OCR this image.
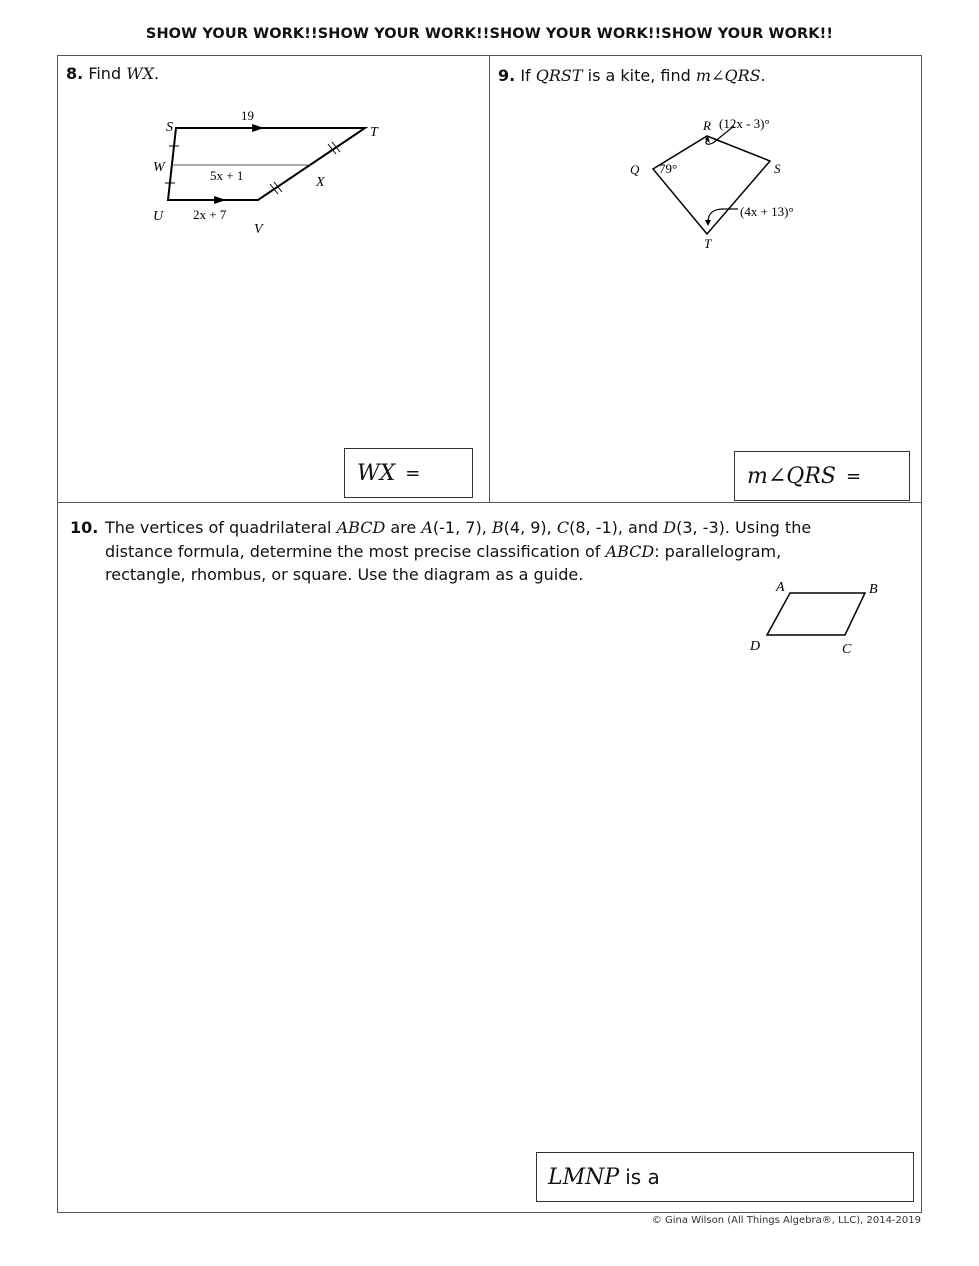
SHOW YOUR WORK!!SHOW YOUR WORK!!SHOW YOUR WORK!!SHOW YOUR WORK!!
8. Find WX.
19
5x + 1
2x + 7
S	T
W
X
U
V
WX =
9. If QRST is a kite, find m∠QRS.
(12x - 3)°
79°
(4x + 13)°
Q
R
S
T
m∠QRS =
10. The vertices of quadrilateral ABCD are A(-1, 7), B(4, 9), C(8, -1), and D(3, -3). Using the distance formula, determine the most precise classification of ABCD: parallelogram, rectangle, rhombus, or square. Use the diagram as a guide.
A	B
C
D
LMNP is a
© Gina Wilson (All Things Algebra®, LLC), 2014-2019
